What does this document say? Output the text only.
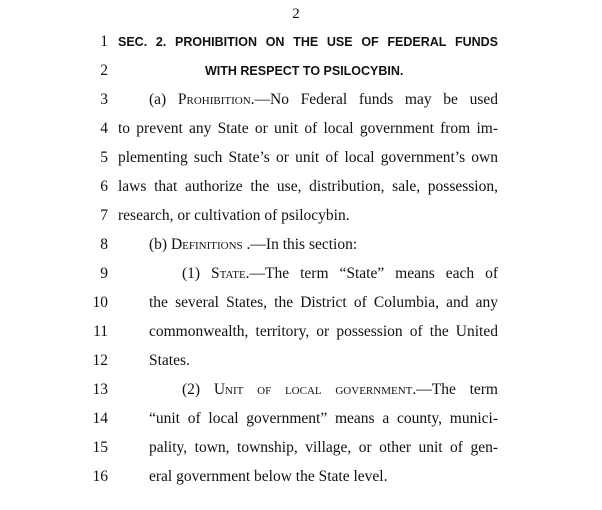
2
1 SEC. 2. PROHIBITION ON THE USE OF FEDERAL FUNDS
2	WITH RESPECT TO PSILOCYBIN.
3	(a) Prohibition.—No Federal funds may be used
4 to prevent any State or unit of local government from im-
5 plementing such State’s or unit of local government’s own
6 laws that authorize the use, distribution, sale, possession,
7 research, or cultivation of psilocybin.
8	(b) Definitions .—In this section:
9	(1) State.—The term “State” means each of
10	the several States, the District of Columbia, and any
11	commonwealth, territory, or possession of the United
12	States.
13	(2) Unit of local government.—The term
14	“unit of local government” means a county, munici-
15	pality, town, township, village, or other unit of gen-
16	eral government below the State level.
